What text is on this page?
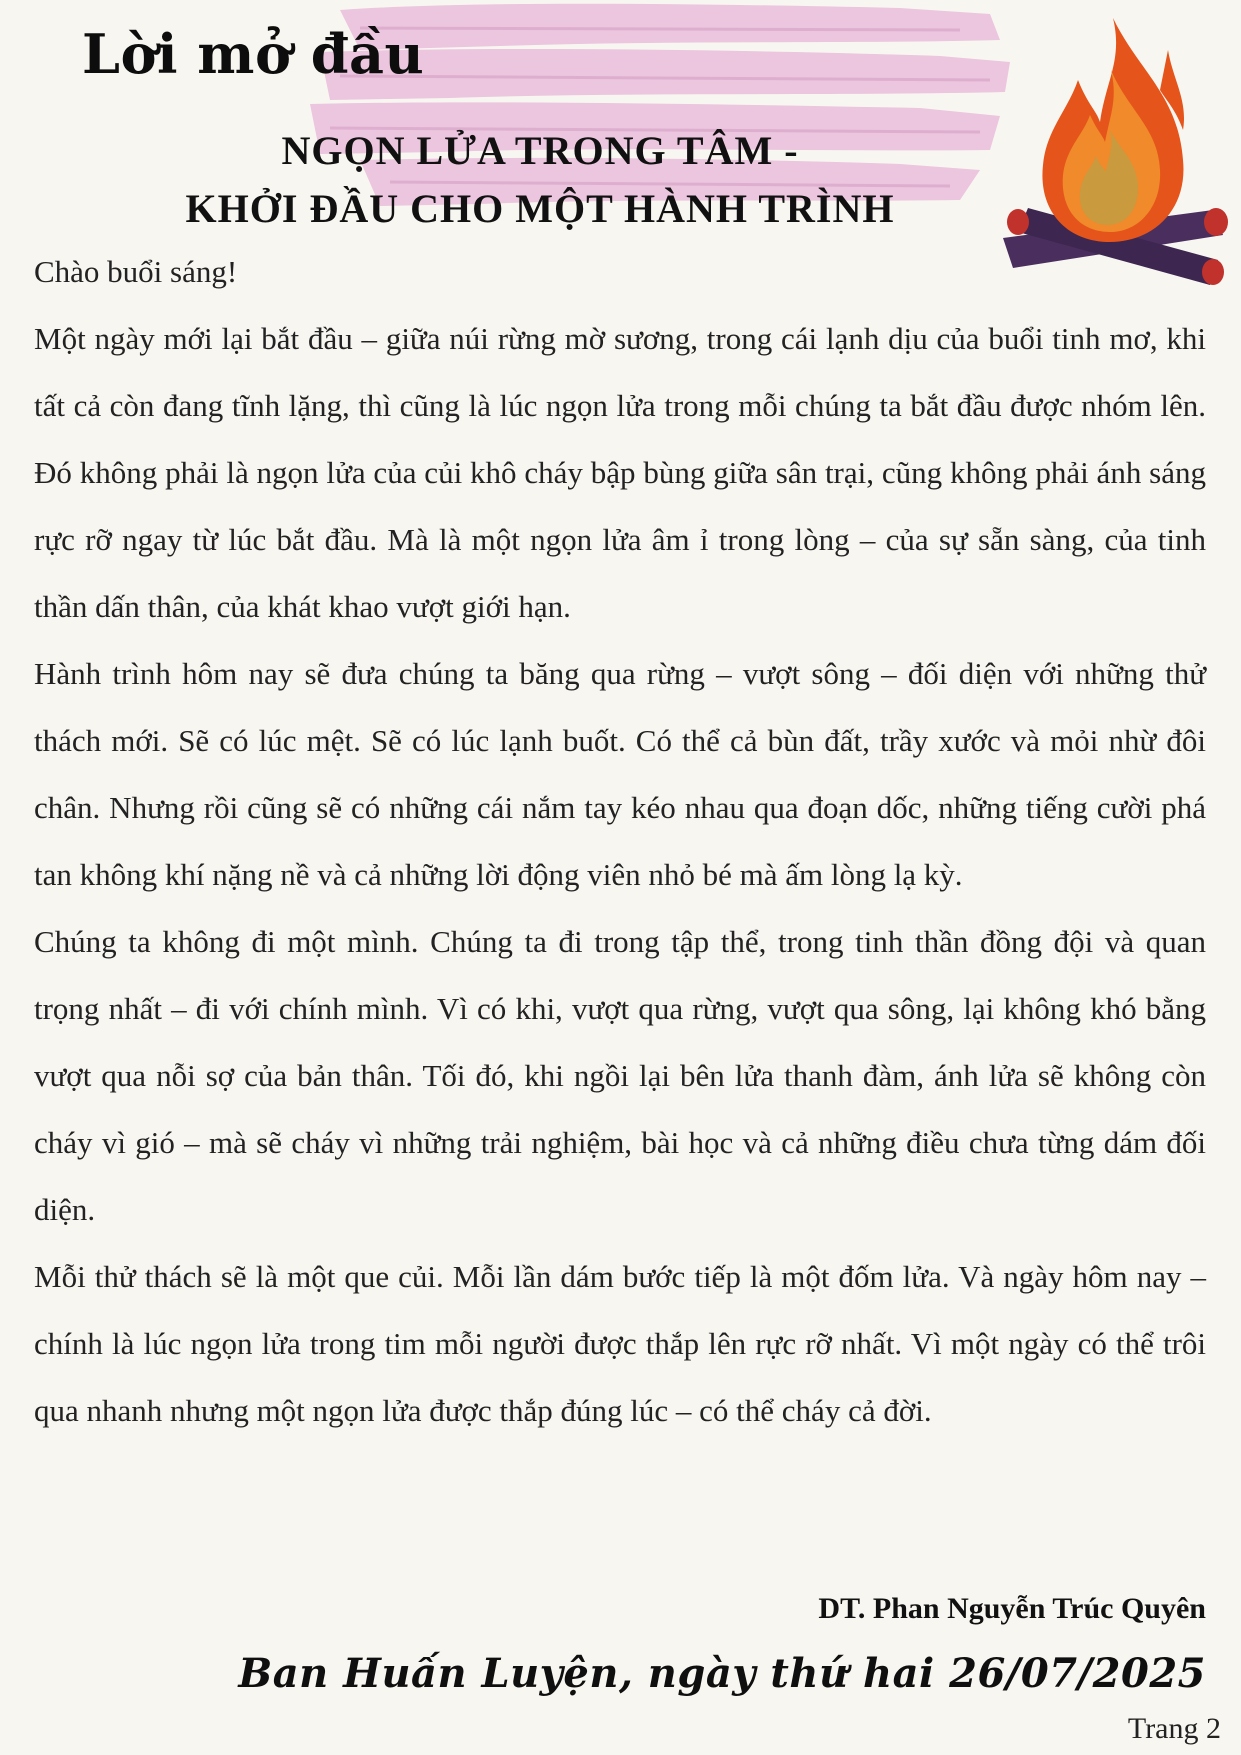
Lời mở đầu
NGỌN LỬA TRONG TÂM -
KHỞI ĐẦU CHO MỘT HÀNH TRÌNH

Chào buổi sáng!

Một ngày mới lại bắt đầu – giữa núi rừng mờ sương, trong cái lạnh dịu của buổi tinh mơ, khi tất cả còn đang tĩnh lặng, thì cũng là lúc ngọn lửa trong mỗi chúng ta bắt đầu được nhóm lên. Đó không phải là ngọn lửa của củi khô cháy bập bùng giữa sân trại, cũng không phải ánh sáng rực rỡ ngay từ lúc bắt đầu. Mà là một ngọn lửa âm ỉ trong lòng – của sự sẵn sàng, của tinh thần dấn thân, của khát khao vượt giới hạn.

Hành trình hôm nay sẽ đưa chúng ta băng qua rừng – vượt sông – đối diện với những thử thách mới. Sẽ có lúc mệt. Sẽ có lúc lạnh buốt. Có thể cả bùn đất, trầy xước và mỏi nhừ đôi chân. Nhưng rồi cũng sẽ có những cái nắm tay kéo nhau qua đoạn dốc, những tiếng cười phá tan không khí nặng nề và cả những lời động viên nhỏ bé mà ấm lòng lạ kỳ.

Chúng ta không đi một mình. Chúng ta đi trong tập thể, trong tinh thần đồng đội và quan trọng nhất – đi với chính mình. Vì có khi, vượt qua rừng, vượt qua sông, lại không khó bằng vượt qua nỗi sợ của bản thân. Tối đó, khi ngồi lại bên lửa thanh đàm, ánh lửa sẽ không còn cháy vì gió – mà sẽ cháy vì những trải nghiệm, bài học và cả những điều chưa từng dám đối diện.

Mỗi thử thách sẽ là một que củi. Mỗi lần dám bước tiếp là một đốm lửa. Và ngày hôm nay – chính là lúc ngọn lửa trong tim mỗi người được thắp lên rực rỡ nhất. Vì một ngày có thể trôi qua nhanh nhưng một ngọn lửa được thắp đúng lúc – có thể cháy cả đời.

DT. Phan Nguyễn Trúc Quyên
Ban Huấn Luyện, ngày thứ hai 26/07/2025
Trang 2
